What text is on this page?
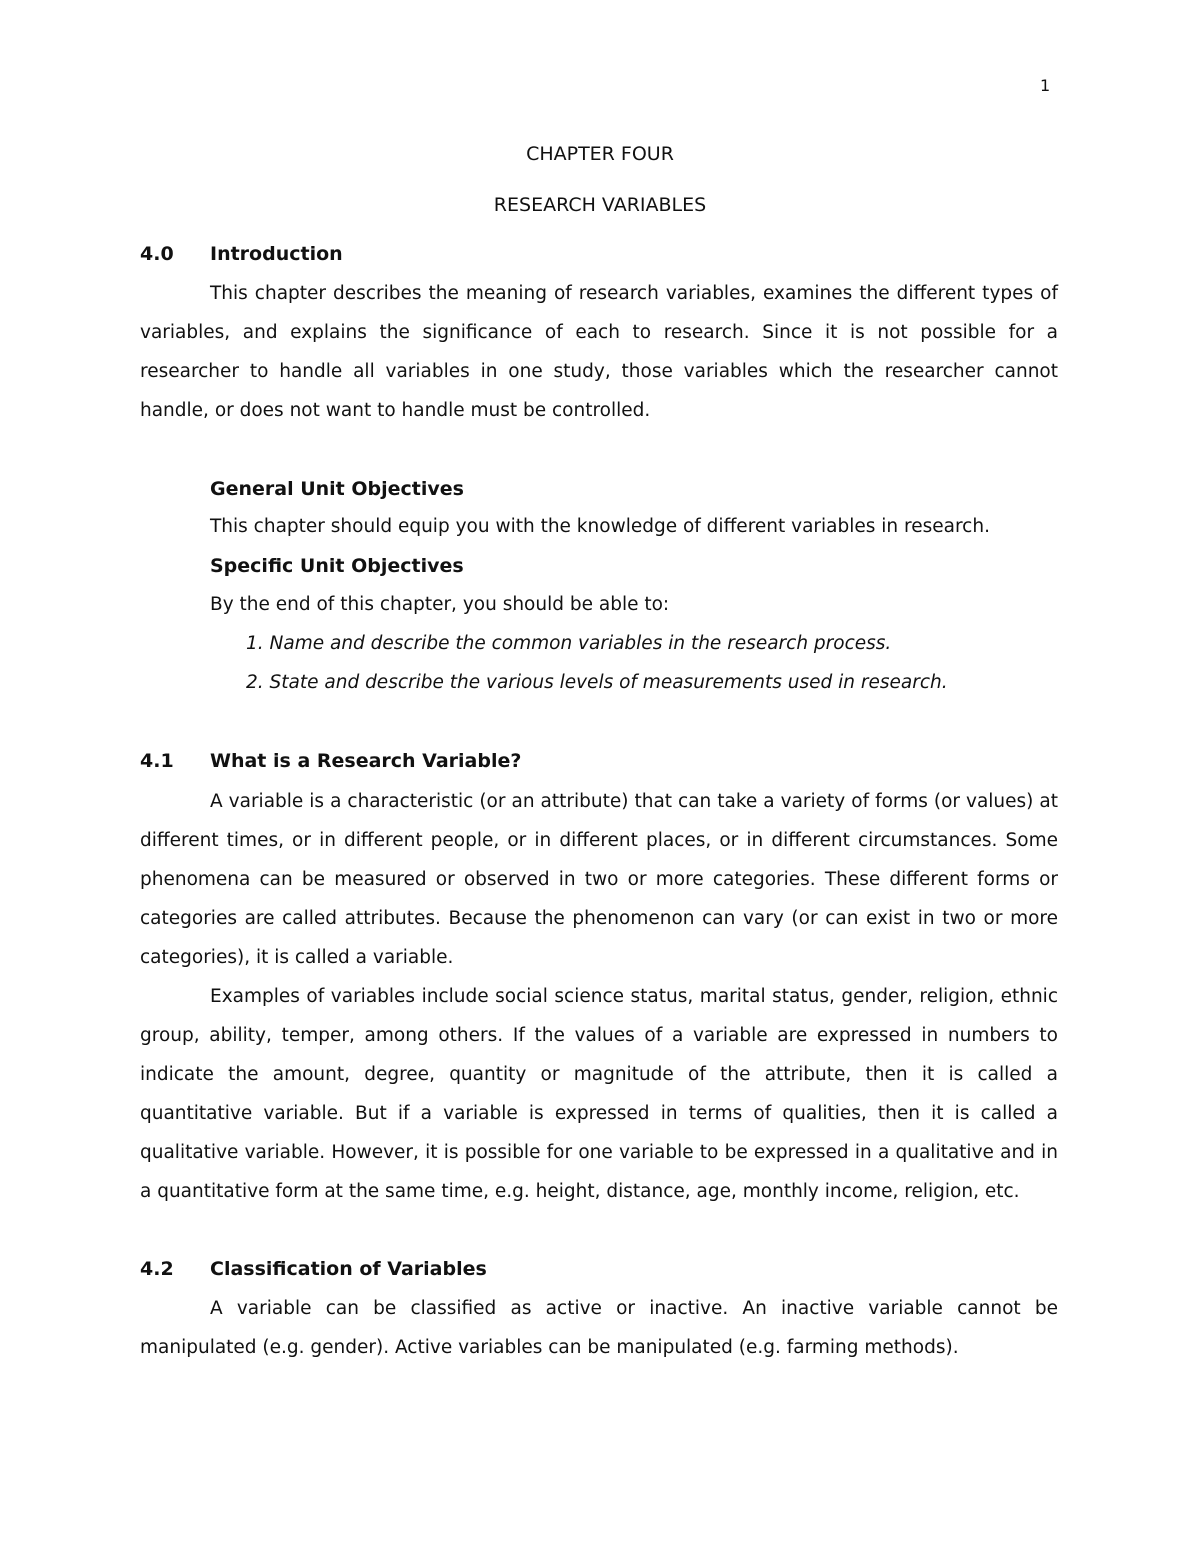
1
CHAPTER FOUR
RESEARCH VARIABLES
4.0 Introduction

This chapter describes the meaning of research variables, examines the different types of variables, and explains the significance of each to research. Since it is not possible for a researcher to handle all variables in one study, those variables which the researcher cannot handle, or does not want to handle must be controlled.

General Unit Objectives
This chapter should equip you with the knowledge of different variables in research.
Specific Unit Objectives
By the end of this chapter, you should be able to:
1. Name and describe the common variables in the research process.
2. State and describe the various levels of measurements used in research.
4.1 What is a Research Variable?

A variable is a characteristic (or an attribute) that can take a variety of forms (or values) at different times, or in different people, or in different places, or in different circumstances. Some phenomena can be measured or observed in two or more categories. These different forms or categories are called attributes. Because the phenomenon can vary (or can exist in two or more categories), it is called a variable.

Examples of variables include social science status, marital status, gender, religion, ethnic group, ability, temper, among others. If the values of a variable are expressed in numbers to indicate the amount, degree, quantity or magnitude of the attribute, then it is called a quantitative variable. But if a variable is expressed in terms of qualities, then it is called a qualitative variable. However, it is possible for one variable to be expressed in a qualitative and in a quantitative form at the same time, e.g. height, distance, age, monthly income, religion, etc.

4.2 Classification of Variables

A variable can be classified as active or inactive. An inactive variable cannot be manipulated (e.g. gender). Active variables can be manipulated (e.g. farming methods).
